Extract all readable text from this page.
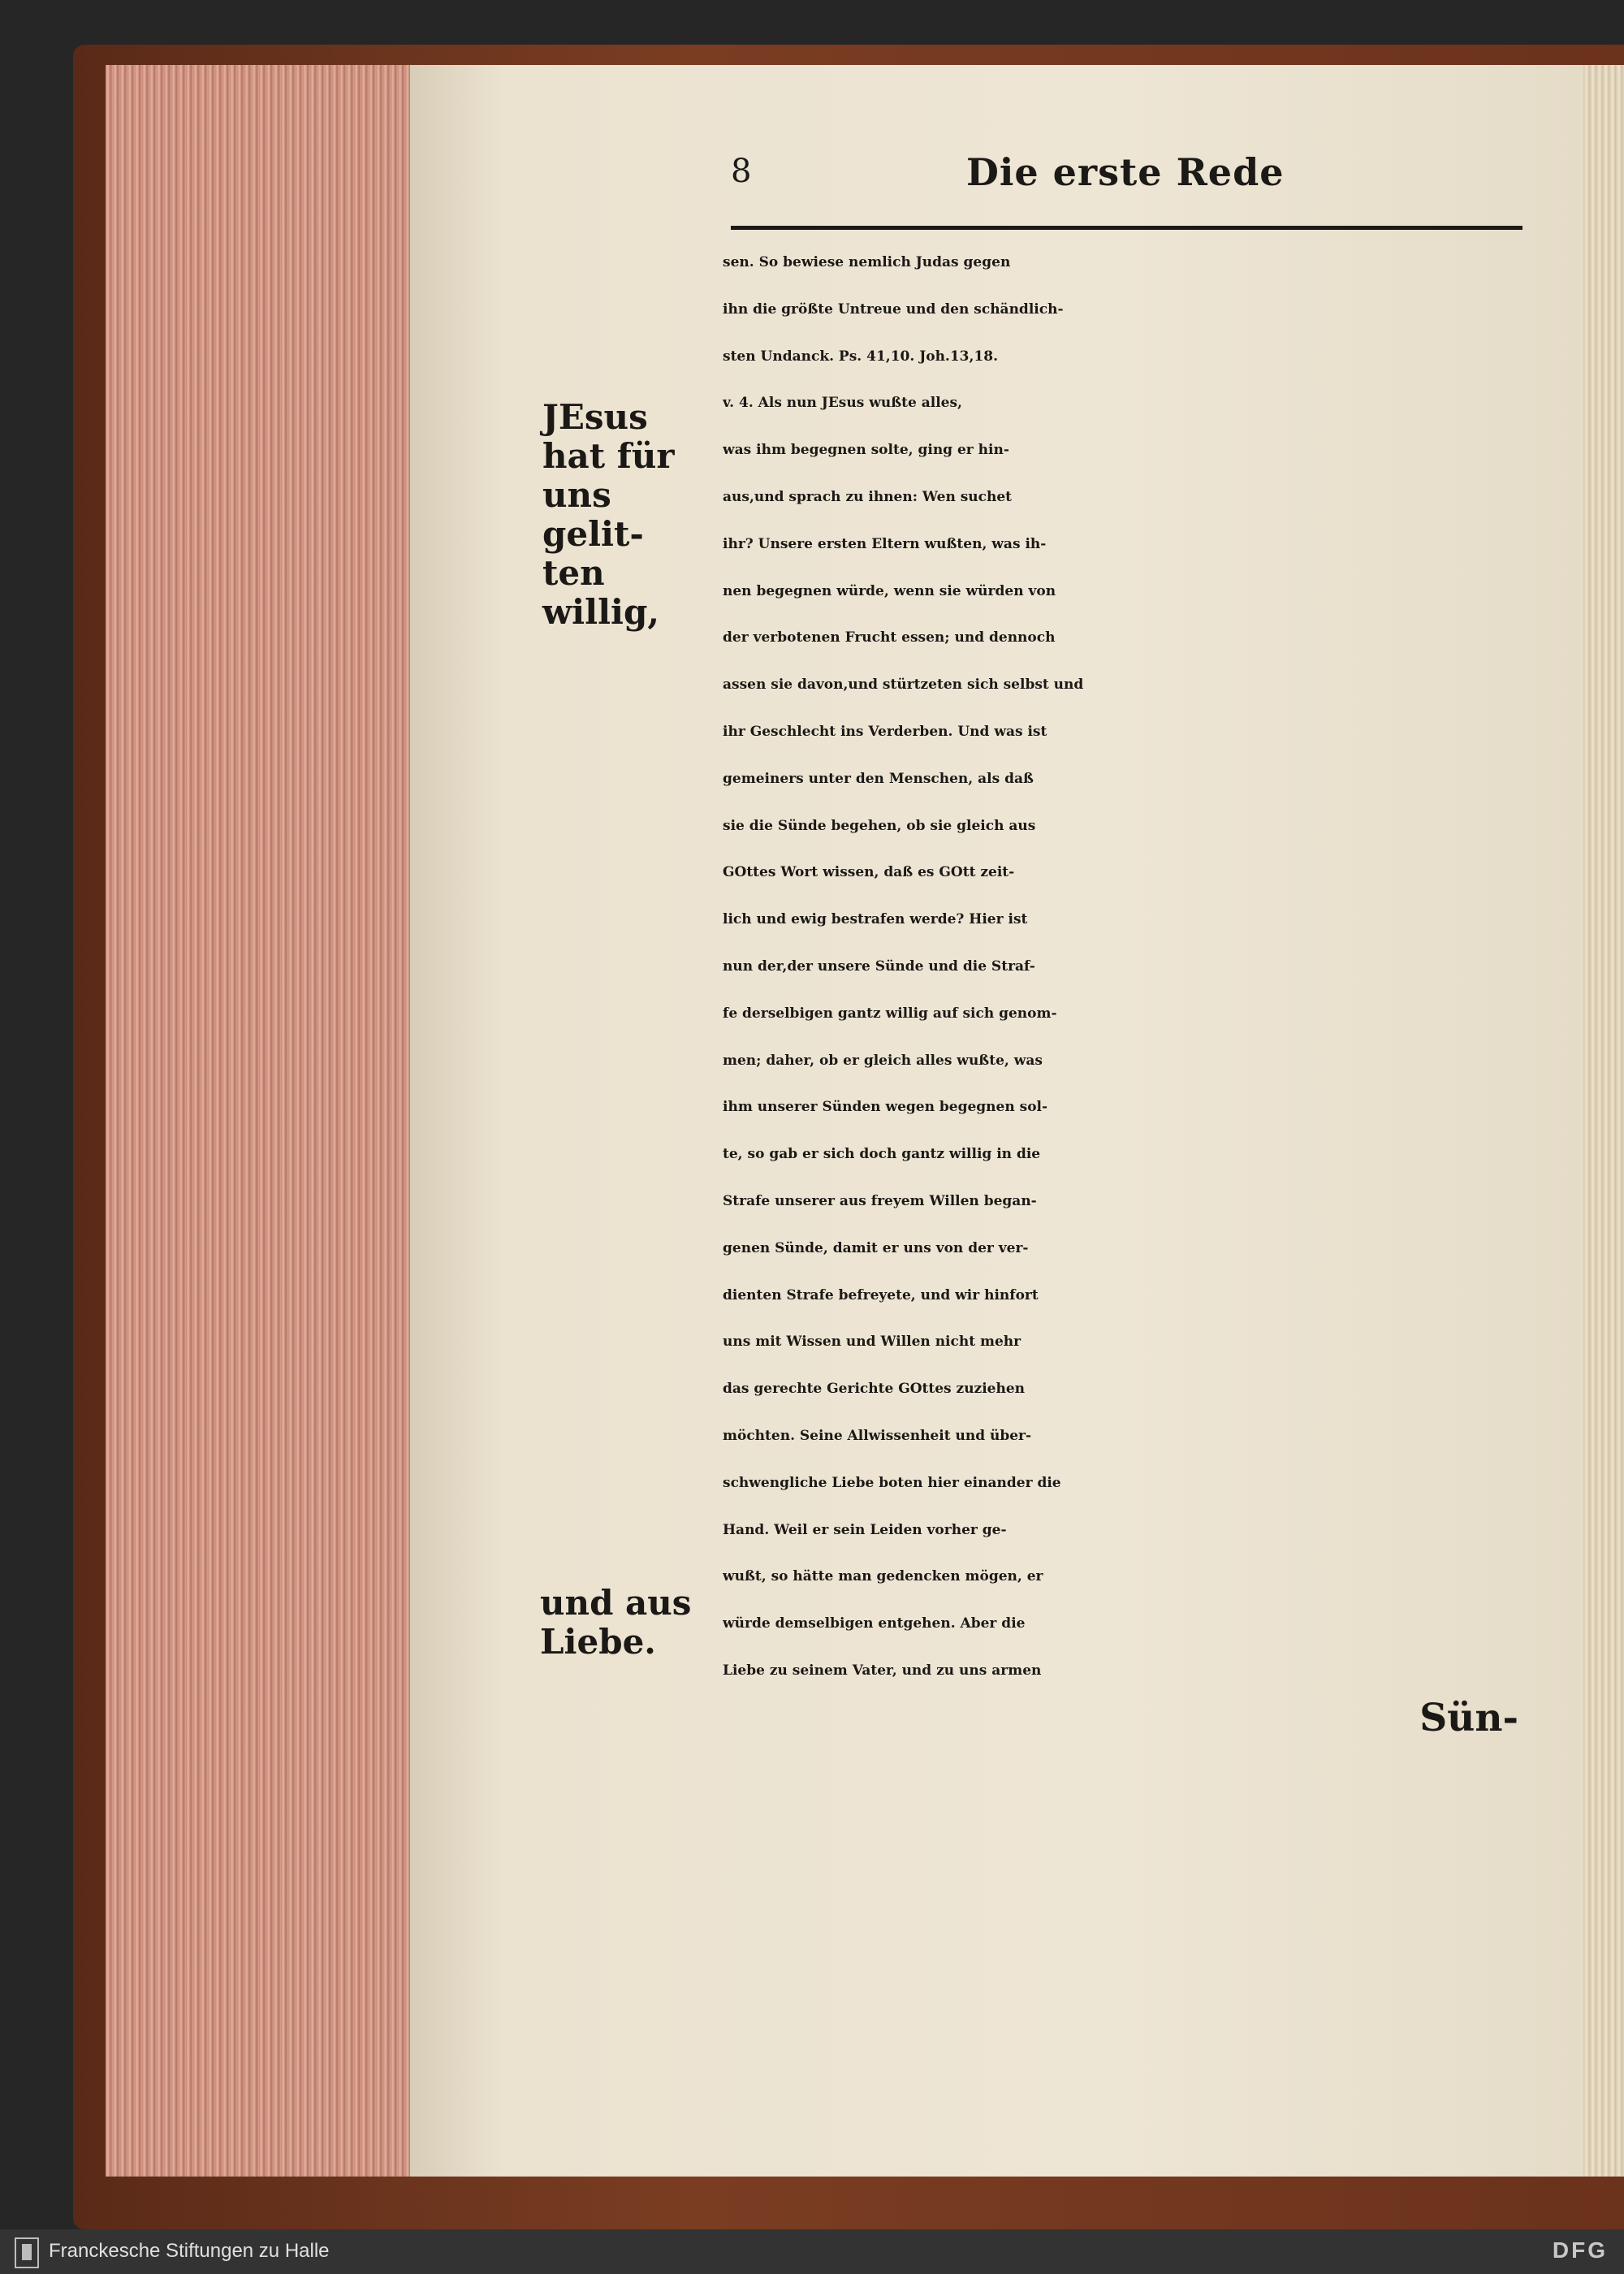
8	Die erste Rede
sen. So bewiese nemlich Judas gegen
ihn die größte Untreue und den schändlich-
sten Undanck. Ps. 41,10. Joh.13,18.
v. 4. Als nun JEsus wußte alles,
was ihm begegnen solte, ging er hin-
aus,und sprach zu ihnen: Wen suchet
ihr? Unsere ersten Eltern wußten, was ih-
nen begegnen würde, wenn sie würden von
der verbotenen Frucht essen; und dennoch
assen sie davon,und stürtzeten sich selbst und
ihr Geschlecht ins Verderben. Und was ist
gemeiners unter den Menschen, als daß
sie die Sünde begehen, ob sie gleich aus
GOttes Wort wissen, daß es GOtt zeit-
lich und ewig bestrafen werde? Hier ist
nun der,der unsere Sünde und die Straf-
fe derselbigen gantz willig auf sich genom-
men; daher, ob er gleich alles wußte, was
ihm unserer Sünden wegen begegnen sol-
te, so gab er sich doch gantz willig in die
Strafe unserer aus freyem Willen began-
genen Sünde, damit er uns von der ver-
dienten Strafe befreyete, und wir hinfort
uns mit Wissen und Willen nicht mehr
das gerechte Gerichte GOttes zuziehen
möchten. Seine Allwissenheit und über-
schwengliche Liebe boten hier einander die
Hand. Weil er sein Leiden vorher ge-
wußt, so hätte man gedencken mögen, er
würde demselbigen entgehen. Aber die
Liebe zu seinem Vater, und zu uns armen
Sün-
JEsus
hat für
uns gelit-
ten willig,
und aus
Liebe.
Franckesche Stiftungen zu Halle	DFG
